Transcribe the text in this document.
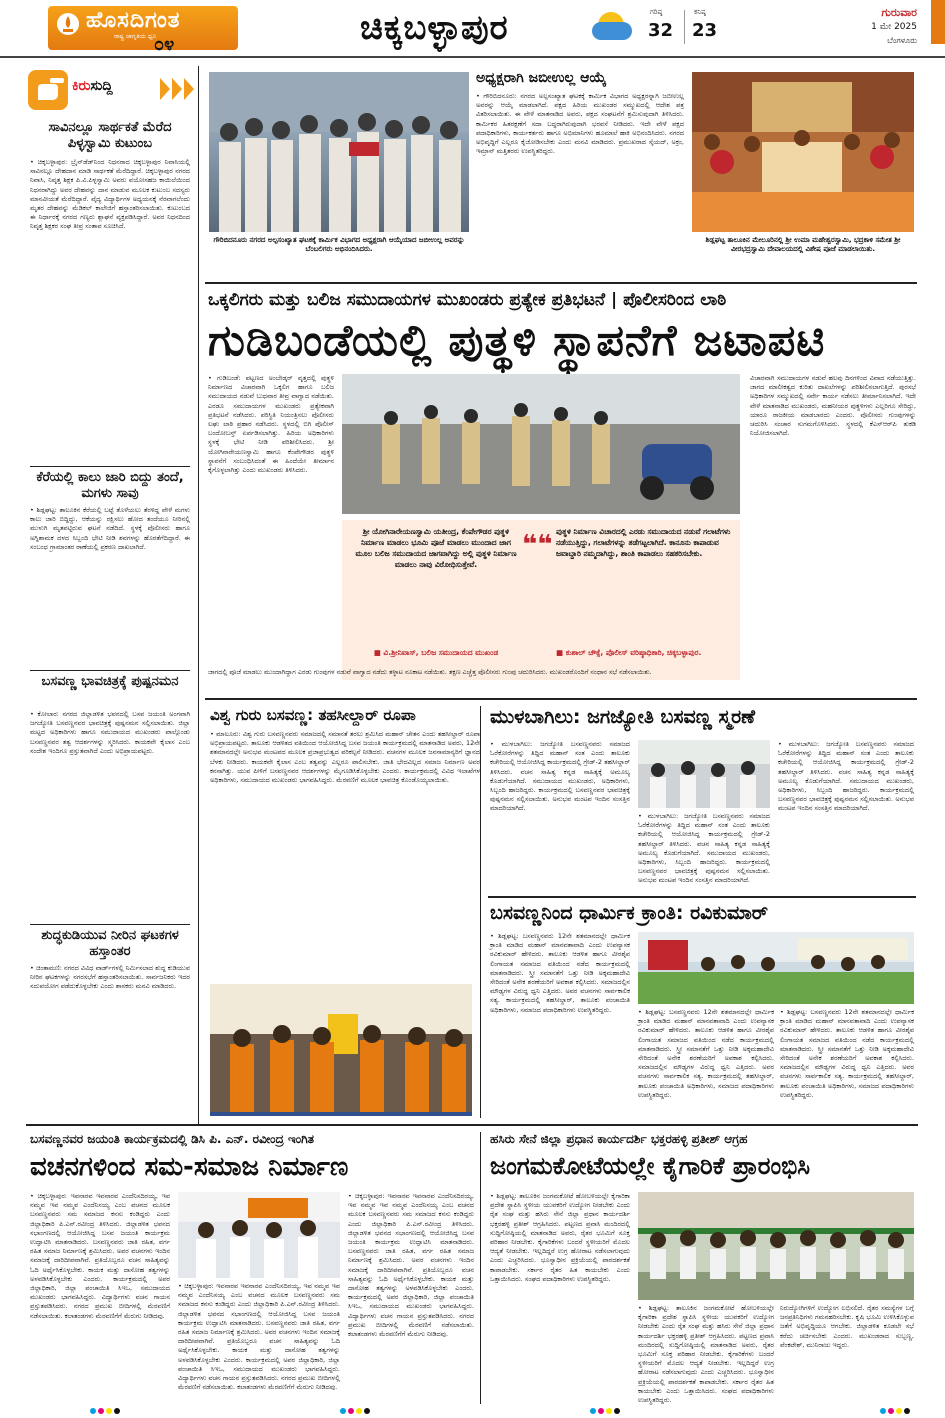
ಹೊಸದಿಗಂತ
ರಾಷ್ಟ್ರ ಜಾಗೃತಿಯ ಧ್ವನಿ
೦೪	ಚಿಕ್ಕಬಳ್ಳಾಪುರ	ಗರಿಷ್ಠ
32
ಕನಿಷ್ಠ
23
ಗುರುವಾರ
1 ಮೇ 2025
ಬೆಂಗಳೂರು
ಕಿರುಸುದ್ದಿ
ಸಾವಿನಲ್ಲೂ ಸಾರ್ಥಕತೆ ಮೆರೆದ ಪಿಳ್ಳಸ್ವಾಮಿ ಕುಟುಂಬ
• ಚಿಕ್ಕಬಳ್ಳಾಪುರ: ಬ್ರೈನ್‌ಡೆಡ್‌ನಿಂದ ನಿಧನರಾದ ಚಿಕ್ಕಬಳ್ಳಾಪುರ ನಿವಾಸಿಯಲ್ಲಿ ಸಾವಿನಲ್ಲೂ ದೇಹದಾನ ಮಾಡಿ ಸಾರ್ಥಕತೆ ಮೆರೆದಿದ್ದಾರೆ. ಚಿಕ್ಕಬಳ್ಳಾಪುರ ನಗರದ ನಿವಾಸಿ, ನಿವೃತ್ತ ಶಿಕ್ಷಕ ಪಿ.ವಿ.ಪಿಳ್ಳಸ್ವಾಮಿ ಅವರು ವಯೋಸಹಜ ಕಾಯಿಲೆಯಿಂದ ನಿಧನರಾಗಿದ್ದು ಅವರ ದೇಹವನ್ನು ದಾನ ಮಾಡುವ ಮೂಲಕ ಕುಟುಂಬ ಸದಸ್ಯರು ಮಾನವೀಯತೆ ಮೆರೆದಿದ್ದಾರೆ. ವೈದ್ಯ ವಿದ್ಯಾರ್ಥಿಗಳ ಅಧ್ಯಯನಕ್ಕೆ ನೆರವಾಗಲೆಂದು ಮೃತರ ದೇಹವನ್ನು ಮೆಡಿಕಲ್ ಕಾಲೇಜಿಗೆ ಹಸ್ತಾಂತರಿಸಲಾಯಿತು. ಕುಟುಂಬದ ಈ ನಿರ್ಧಾರಕ್ಕೆ ನಗರದ ಗಣ್ಯರು ಶ್ಲಾಘನೆ ವ್ಯಕ್ತಪಡಿಸಿದ್ದಾರೆ. ಅವರ ನಿಧನದಿಂದ ನಿವೃತ್ತ ಶಿಕ್ಷಕರ ಸಂಘ ತೀವ್ರ ಸಂತಾಪ ಸೂಚಿಸಿದೆ.
ಕೆರೆಯಲ್ಲಿ ಕಾಲು ಜಾರಿ ಬಿದ್ದು ತಂದೆ, ಮಗಳು ಸಾವು
• ಶಿಡ್ಲಘಟ್ಟ: ತಾಲೂಕಿನ ಕೆರೆಯಲ್ಲಿ ಬಟ್ಟೆ ತೊಳೆಯಲು ತೆರಳಿದ್ದ ವೇಳೆ ಮಗಳು ಕಾಲು ಜಾರಿ ಬಿದ್ದಿದ್ದು, ಆಕೆಯನ್ನು ರಕ್ಷಿಸಲು ಹೋದ ತಂದೆಯೂ ನೀರಿನಲ್ಲಿ ಮುಳುಗಿ ಮೃತಪಟ್ಟಿರುವ ಘಟನೆ ನಡೆದಿದೆ. ಸ್ಥಳಕ್ಕೆ ಪೊಲೀಸರು ಹಾಗೂ ಅಗ್ನಿಶಾಮಕ ದಳದ ಸಿಬ್ಬಂದಿ ಭೇಟಿ ನೀಡಿ ಶವಗಳನ್ನು ಹೊರತೆಗೆದಿದ್ದಾರೆ. ಈ ಸಂಬಂಧ ಗ್ರಾಮಾಂತರ ಠಾಣೆಯಲ್ಲಿ ಪ್ರಕರಣ ದಾಖಲಾಗಿದೆ.
ಬಸವಣ್ಣ ಭಾವಚಿತ್ರಕ್ಕೆ ಪುಷ್ಪನಮನ
• ಕೋಲಾರ: ನಗರದ ಜಿಲ್ಲಾಡಳಿತ ಭವನದಲ್ಲಿ ಬಸವ ಜಯಂತಿ ಅಂಗವಾಗಿ ಜಗಜ್ಯೋತಿ ಬಸವಣ್ಣನವರ ಭಾವಚಿತ್ರಕ್ಕೆ ಪುಷ್ಪನಮನ ಸಲ್ಲಿಸಲಾಯಿತು. ಜಿಲ್ಲಾ ಮಟ್ಟದ ಅಧಿಕಾರಿಗಳು ಹಾಗೂ ಸಮುದಾಯದ ಮುಖಂಡರು ಪಾಲ್ಗೊಂಡು ಬಸವಣ್ಣನವರ ತತ್ವ ಆದರ್ಶಗಳನ್ನು ಸ್ಮರಿಸಿದರು. ಕಾಯಕವೇ ಕೈಲಾಸ ಎಂಬ ಸಂದೇಶ ಇಂದಿಗೂ ಪ್ರಸ್ತುತವಾಗಿದೆ ಎಂದು ಅಭಿಪ್ರಾಯಪಟ್ಟರು.
ಶುದ್ಧಕುಡಿಯುವ ನೀರಿನ ಘಟಕಗಳ ಹಸ್ತಾಂತರ
• ಚಿಂತಾಮಣಿ: ನಗರದ ವಿವಿಧ ವಾರ್ಡ್‌ಗಳಲ್ಲಿ ನಿರ್ಮಿಸಲಾದ ಶುದ್ಧ ಕುಡಿಯುವ ನೀರಿನ ಘಟಕಗಳನ್ನು ನಗರಸಭೆಗೆ ಹಸ್ತಾಂತರಿಸಲಾಯಿತು. ಸಾರ್ವಜನಿಕರು ಇದರ ಸದುಪಯೋಗ ಪಡೆದುಕೊಳ್ಳಬೇಕು ಎಂದು ಶಾಸಕರು ಮನವಿ ಮಾಡಿದರು.
ಗೌರಿಬಿದನೂರು ನಗರದ ಅಲ್ಪಸಂಖ್ಯಾತ ಘಟಕಕ್ಕೆ ಕಾರ್ಮಿಕ ವಿಭಾಗದ ಅಧ್ಯಕ್ಷರಾಗಿ ಆಯ್ಕೆಯಾದ ಜಬೀಉಲ್ಲ ಅವರನ್ನು ಬೆಂಬಲಿಗರು ಅಭಿನಂದಿಸಿದರು.
ಅಧ್ಯಕ್ಷರಾಗಿ ಜಬೀಉಲ್ಲ ಆಯ್ಕೆ
• ಗೌರಿಬಿದನೂರು: ನಗರದ ಅಲ್ಪಸಂಖ್ಯಾತ ಘಟಕಕ್ಕೆ ಕಾರ್ಮಿಕ ವಿಭಾಗದ ಅಧ್ಯಕ್ಷರನ್ನಾಗಿ ಜಬೀಉಲ್ಲ ಅವರನ್ನು ಆಯ್ಕೆ ಮಾಡಲಾಗಿದೆ. ಪಕ್ಷದ ಹಿರಿಯ ಮುಖಂಡರ ಸಮ್ಮುಖದಲ್ಲಿ ಆದೇಶ ಪತ್ರ ವಿತರಿಸಲಾಯಿತು. ಈ ವೇಳೆ ಮಾತನಾಡಿದ ಅವರು, ಪಕ್ಷದ ಸಂಘಟನೆಗೆ ಶ್ರಮಿಸುವುದಾಗಿ ತಿಳಿಸಿದರು. ಕಾರ್ಮಿಕರ ಹಿತರಕ್ಷಣೆಗೆ ಸದಾ ಬದ್ಧರಾಗಿರುವುದಾಗಿ ಭರವಸೆ ನೀಡಿದರು. ಇದೇ ವೇಳೆ ಪಕ್ಷದ ಪದಾಧಿಕಾರಿಗಳು, ಕಾರ್ಯಕರ್ತರು ಹಾಗೂ ಅಭಿಮಾನಿಗಳು ಹೂಮಾಲೆ ಹಾಕಿ ಅಭಿನಂದಿಸಿದರು. ನಗರದ ಅಭಿವೃದ್ಧಿಗೆ ಎಲ್ಲರೂ ಕೈಜೋಡಿಸಬೇಕು ಎಂದು ಮನವಿ ಮಾಡಿದರು. ಪ್ರಮುಖರಾದ ಸೈಯದ್, ಅಕ್ರಂ, ಇಮ್ರಾನ್ ಮತ್ತಿತರರು ಉಪಸ್ಥಿತರಿದ್ದರು.
ಶಿಡ್ಲಘಟ್ಟ ತಾಲೂಕಿನ ಮೇಲೂರಿನಲ್ಲಿ ಶ್ರೀ ಉಮಾ ಮಹೇಶ್ವರಸ್ವಾಮಿ, ಭದ್ರಕಾಳಿ ಸಮೇತ ಶ್ರೀ ವೀರಭದ್ರಸ್ವಾಮಿ ದೇವಾಲಯದಲ್ಲಿ ವಿಶೇಷ ಪೂಜೆ ಮಾಡಲಾಯಿತು.
ಒಕ್ಕಲಿಗರು ಮತ್ತು ಬಲಿಜ ಸಮುದಾಯಗಳ ಮುಖಂಡರು ಪ್ರತ್ಯೇಕ ಪ್ರತಿಭಟನೆ | ಪೊಲೀಸರಿಂದ ಲಾಠಿ
ಗುಡಿಬಂಡೆಯಲ್ಲಿ ಪುತ್ಥಳಿ ಸ್ಥಾಪನೆಗೆ ಜಟಾಪಟಿ
• ಗುಡಿಬಂಡೆ: ಪಟ್ಟಣದ ಅಂಬೇಡ್ಕರ್ ವೃತ್ತದಲ್ಲಿ ಪುತ್ಥಳಿ ನಿರ್ಮಾಣದ ವಿಚಾರವಾಗಿ ಒಕ್ಕಲಿಗ ಹಾಗೂ ಬಲಿಜ ಸಮುದಾಯದ ನಡುವೆ ಬುಧವಾರ ತೀವ್ರ ವಾಗ್ವಾದ ನಡೆಯಿತು. ಎರಡೂ ಸಮುದಾಯಗಳ ಮುಖಂಡರು ಪ್ರತ್ಯೇಕವಾಗಿ ಪ್ರತಿಭಟನೆ ನಡೆಸಿದರು. ಪರಿಸ್ಥಿತಿ ನಿಯಂತ್ರಿಸಲು ಪೊಲೀಸರು ಲಘು ಲಾಠಿ ಪ್ರಹಾರ ನಡೆಸಿದರು. ಸ್ಥಳದಲ್ಲಿ ಬಿಗಿ ಪೊಲೀಸ್ ಬಂದೋಬಸ್ತ್ ಏರ್ಪಡಿಸಲಾಗಿತ್ತು. ಹಿರಿಯ ಅಧಿಕಾರಿಗಳು ಸ್ಥಳಕ್ಕೆ ಭೇಟಿ ನೀಡಿ ಪರಿಶೀಲಿಸಿದರು. ಶ್ರೀ ಯೋಗಿನಾರೇಯಣಸ್ವಾಮಿ ಹಾಗೂ ಕೆಂಪೇಗೌಡರ ಪುತ್ಥಳಿ ಸ್ಥಾಪನೆಗೆ ಸಂಬಂಧಿಸಿದಂತೆ ಈ ಹಿಂದೆಯೇ ತೀರ್ಮಾನ ಕೈಗೊಳ್ಳಲಾಗಿತ್ತು ಎಂದು ಮುಖಂಡರು ತಿಳಿಸಿದರು.
❝❝
ಶ್ರೀ ಯೋಗಿನಾರೇಯಣಸ್ವಾಮಿ ಯತೀಂದ್ರ, ಕೆಂಪೇಗೌಡರ ಪುತ್ಥಳಿ ನಿರ್ಮಾಣ ಮಾಡಲು ಭೂಮಿ ಪೂಜೆ ಮಾಡಲು ಮುಂದಾದ ಜಾಗ ಮೂಲ ಬಲಿಜ ಸಮುದಾಯದ ಜಾಗವಾಗಿದ್ದು ಅಲ್ಲಿ ಪುತ್ಥಳಿ ನಿರ್ಮಾಣ ಮಾಡಲು ನಾವು ವಿರೋಧಿಸುತ್ತೇವೆ.
■ ವಿ.ಶ್ರೀನಿವಾಸ್, ಬಲಿಜ ಸಮುದಾಯದ ಮುಖಂಡ
ಪುತ್ಥಳಿ ನಿರ್ಮಾಣ ವಿಚಾರದಲ್ಲಿ ಎರಡು ಸಮುದಾಯದ ನಡುವೆ ಗಲಾಟೆಗಳು ನಡೆಯುತ್ತಿದ್ದು, ಗಲಾಟೆಗಳನ್ನು ತಡೆಗಟ್ಟಲಾಗಿದೆ. ಕಾನೂನು ಕಾಪಾಡುವ ಜವಾಬ್ದಾರಿ ನಮ್ಮದಾಗಿದ್ದು, ಶಾಂತಿ ಕಾಪಾಡಲು ಸಹಕರಿಸಬೇಕು.
■ ಕುಶಾಲ್ ಚೌಕ್ಸೆ, ಪೊಲೀಸ್ ವರಿಷ್ಠಾಧಿಕಾರಿ, ಚಿಕ್ಕಬಳ್ಳಾಪುರ.
ಜಾಗದಲ್ಲಿ ಪೂಜೆ ಮಾಡಲು ಮುಂದಾಗಿದ್ದಾಗ ಎರಡು ಗುಂಪುಗಳ ನಡುವೆ ವಾಗ್ವಾದ ನಡೆದು ತಳ್ಳಾಟ ನೂಕಾಟ ನಡೆಯಿತು. ತಕ್ಷಣ ಎಚ್ಚೆತ್ತ ಪೊಲೀಸರು ಗುಂಪು ಚದುರಿಸಿದರು. ಮುಖಂಡರೊಂದಿಗೆ ಸಂಧಾನ ಸಭೆ ನಡೆಸಲಾಯಿತು.
ವಿಚಾರವಾಗಿ ಸಮುದಾಯಗಳ ನಡುವೆ ಹಲವು ದಿನಗಳಿಂದ ವಿವಾದ ನಡೆಯುತ್ತಿತ್ತು. ಜಾಗದ ಮಾಲೀಕತ್ವದ ಕುರಿತು ದಾಖಲೆಗಳನ್ನು ಪರಿಶೀಲಿಸಲಾಗುತ್ತಿದೆ. ಪುರಸಭೆ ಅಧಿಕಾರಿಗಳ ಸಮ್ಮುಖದಲ್ಲಿ ಸರ್ವೇ ಕಾರ್ಯ ನಡೆಸಲು ತೀರ್ಮಾನಿಸಲಾಗಿದೆ. ಇದೇ ವೇಳೆ ಮಾತನಾಡಿದ ಮುಖಂಡರು, ಮಹನೀಯರ ಪುತ್ಥಳಿಗಳು ಎಲ್ಲರಿಗೂ ಸೇರಿದ್ದು, ಯಾರೂ ರಾಜಕೀಯ ಮಾಡಬಾರದು ಎಂದರು. ಪೊಲೀಸರು ಗುಂಪುಗಳನ್ನು ಚದುರಿಸಿ ಸಂಚಾರ ಸುಗಮಗೊಳಿಸಿದರು. ಸ್ಥಳದಲ್ಲಿ ಕೆಎಸ್‌ಆರ್‌ಪಿ ತುಕಡಿ ನಿಯೋಜಿಸಲಾಗಿದೆ.
ವಿಶ್ವ ಗುರು ಬಸವಣ್ಣ: ತಹಸೀಲ್ದಾರ್ ರೂಪಾ
• ಮಾಲೂರು: ವಿಶ್ವ ಗುರು ಬಸವಣ್ಣನವರು ಸಮಾಜದಲ್ಲಿ ಸಮಾನತೆ ತರಲು ಶ್ರಮಿಸಿದ ಮಹಾನ್ ಚೇತನ ಎಂದು ತಹಸೀಲ್ದಾರ್ ರೂಪಾ ಅಭಿಪ್ರಾಯಪಟ್ಟರು. ತಾಲೂಕು ಆಡಳಿತದ ವತಿಯಿಂದ ಆಯೋಜಿಸಿದ್ದ ಬಸವ ಜಯಂತಿ ಕಾರ್ಯಕ್ರಮದಲ್ಲಿ ಮಾತನಾಡಿದ ಅವರು, 12ನೇ ಶತಮಾನದಲ್ಲೇ ಅನುಭವ ಮಂಟಪದ ಮೂಲಕ ಪ್ರಜಾಪ್ರಭುತ್ವದ ಪರಿಕಲ್ಪನೆ ನೀಡಿದರು. ವಚನಗಳ ಮೂಲಕ ಜನಸಾಮಾನ್ಯರಿಗೆ ಜ್ಞಾನದ ಬೆಳಕು ನೀಡಿದರು. ಕಾಯಕವೇ ಕೈಲಾಸ ಎಂಬ ತತ್ವವನ್ನು ಎಲ್ಲರೂ ಪಾಲಿಸಬೇಕು. ಜಾತಿ ಭೇದವಿಲ್ಲದ ಸಮಾಜ ನಿರ್ಮಾಣ ಅವರ ಕನಸಾಗಿತ್ತು. ಯುವ ಪೀಳಿಗೆ ಬಸವಣ್ಣನವರ ಆದರ್ಶಗಳನ್ನು ಮೈಗೂಡಿಸಿಕೊಳ್ಳಬೇಕು ಎಂದರು. ಕಾರ್ಯಕ್ರಮದಲ್ಲಿ ವಿವಿಧ ಇಲಾಖೆಗಳ ಅಧಿಕಾರಿಗಳು, ಸಮುದಾಯದ ಮುಖಂಡರು ಭಾಗವಹಿಸಿದ್ದರು. ಮೆರವಣಿಗೆ ಮೂಲಕ ಭಾವಚಿತ್ರ ಕೊಂಡೊಯ್ಯಲಾಯಿತು.
ಮುಳಬಾಗಿಲು: ಜಗಜ್ಯೋತಿ ಬಸವಣ್ಣ ಸ್ಮರಣೆ
• ಮುಳಬಾಗಿಲು: ಜಗಜ್ಯೋತಿ ಬಸವಣ್ಣನವರು ಸಮಾಜದ ಓರೆಕೋರೆಗಳನ್ನು ತಿದ್ದಿದ ಮಹಾನ್ ಸಂತ ಎಂದು ತಾಲೂಕು ಕಚೇರಿಯಲ್ಲಿ ಆಯೋಜಿಸಿದ್ದ ಕಾರ್ಯಕ್ರಮದಲ್ಲಿ ಗ್ರೇಡ್-2 ತಹಸೀಲ್ದಾರ್ ತಿಳಿಸಿದರು. ವಚನ ಸಾಹಿತ್ಯ ಕನ್ನಡ ಸಾಹಿತ್ಯಕ್ಕೆ ಅಮೂಲ್ಯ ಕೊಡುಗೆಯಾಗಿದೆ. ಸಮುದಾಯದ ಮುಖಂಡರು, ಅಧಿಕಾರಿಗಳು, ಸಿಬ್ಬಂದಿ ಹಾಜರಿದ್ದರು. ಕಾರ್ಯಕ್ರಮದಲ್ಲಿ ಬಸವಣ್ಣನವರ ಭಾವಚಿತ್ರಕ್ಕೆ ಪುಷ್ಪನಮನ ಸಲ್ಲಿಸಲಾಯಿತು. ಅನುಭವ ಮಂಟಪ ಇಂದಿನ ಸಂಸತ್ತಿನ ಮಾದರಿಯಾಗಿದೆ.
• ಮುಳಬಾಗಿಲು: ಜಗಜ್ಯೋತಿ ಬಸವಣ್ಣನವರು ಸಮಾಜದ ಓರೆಕೋರೆಗಳನ್ನು ತಿದ್ದಿದ ಮಹಾನ್ ಸಂತ ಎಂದು ತಾಲೂಕು ಕಚೇರಿಯಲ್ಲಿ ಆಯೋಜಿಸಿದ್ದ ಕಾರ್ಯಕ್ರಮದಲ್ಲಿ ಗ್ರೇಡ್-2 ತಹಸೀಲ್ದಾರ್ ತಿಳಿಸಿದರು. ವಚನ ಸಾಹಿತ್ಯ ಕನ್ನಡ ಸಾಹಿತ್ಯಕ್ಕೆ ಅಮೂಲ್ಯ ಕೊಡುಗೆಯಾಗಿದೆ. ಸಮುದಾಯದ ಮುಖಂಡರು, ಅಧಿಕಾರಿಗಳು, ಸಿಬ್ಬಂದಿ ಹಾಜರಿದ್ದರು. ಕಾರ್ಯಕ್ರಮದಲ್ಲಿ ಬಸವಣ್ಣನವರ ಭಾವಚಿತ್ರಕ್ಕೆ ಪುಷ್ಪನಮನ ಸಲ್ಲಿಸಲಾಯಿತು. ಅನುಭವ ಮಂಟಪ ಇಂದಿನ ಸಂಸತ್ತಿನ ಮಾದರಿಯಾಗಿದೆ.
• ಮುಳಬಾಗಿಲು: ಜಗಜ್ಯೋತಿ ಬಸವಣ್ಣನವರು ಸಮಾಜದ ಓರೆಕೋರೆಗಳನ್ನು ತಿದ್ದಿದ ಮಹಾನ್ ಸಂತ ಎಂದು ತಾಲೂಕು ಕಚೇರಿಯಲ್ಲಿ ಆಯೋಜಿಸಿದ್ದ ಕಾರ್ಯಕ್ರಮದಲ್ಲಿ ಗ್ರೇಡ್-2 ತಹಸೀಲ್ದಾರ್ ತಿಳಿಸಿದರು. ವಚನ ಸಾಹಿತ್ಯ ಕನ್ನಡ ಸಾಹಿತ್ಯಕ್ಕೆ ಅಮೂಲ್ಯ ಕೊಡುಗೆಯಾಗಿದೆ. ಸಮುದಾಯದ ಮುಖಂಡರು, ಅಧಿಕಾರಿಗಳು, ಸಿಬ್ಬಂದಿ ಹಾಜರಿದ್ದರು. ಕಾರ್ಯಕ್ರಮದಲ್ಲಿ ಬಸವಣ್ಣನವರ ಭಾವಚಿತ್ರಕ್ಕೆ ಪುಷ್ಪನಮನ ಸಲ್ಲಿಸಲಾಯಿತು. ಅನುಭವ ಮಂಟಪ ಇಂದಿನ ಸಂಸತ್ತಿನ ಮಾದರಿಯಾಗಿದೆ.
ಬಸವಣ್ಣನಿಂದ ಧಾರ್ಮಿಕ ಕ್ರಾಂತಿ: ರವಿಕುಮಾರ್
• ಶಿಡ್ಲಘಟ್ಟ: ಬಸವಣ್ಣನವರು 12ನೇ ಶತಮಾನದಲ್ಲೇ ಧಾರ್ಮಿಕ ಕ್ರಾಂತಿ ಮಾಡಿದ ಮಹಾನ್ ಮಾನವತಾವಾದಿ ಎಂದು ಉಪನ್ಯಾಸಕ ರವಿಕುಮಾರ್ ಹೇಳಿದರು. ತಾಲೂಕು ಆಡಳಿತ ಹಾಗೂ ವೀರಶೈವ ಲಿಂಗಾಯತ ಸಮಾಜದ ವತಿಯಿಂದ ನಡೆದ ಕಾರ್ಯಕ್ರಮದಲ್ಲಿ ಮಾತನಾಡಿದರು. ಸ್ತ್ರೀ ಸಮಾನತೆಗೆ ಒತ್ತು ನೀಡಿ ಅಕ್ಕಮಹಾದೇವಿ ಸೇರಿದಂತೆ ಅನೇಕ ಶರಣೆಯರಿಗೆ ಅವಕಾಶ ಕಲ್ಪಿಸಿದರು. ಸಮಾಜದಲ್ಲಿನ ಮೌಢ್ಯಗಳ ವಿರುದ್ಧ ಧ್ವನಿ ಎತ್ತಿದರು. ಅವರ ವಚನಗಳು ಸಾರ್ವಕಾಲಿಕ ಸತ್ಯ. ಕಾರ್ಯಕ್ರಮದಲ್ಲಿ ತಹಸೀಲ್ದಾರ್, ತಾಲೂಕು ಪಂಚಾಯಿತಿ ಅಧಿಕಾರಿಗಳು, ಸಮಾಜದ ಪದಾಧಿಕಾರಿಗಳು ಉಪಸ್ಥಿತರಿದ್ದರು.	• ಶಿಡ್ಲಘಟ್ಟ: ಬಸವಣ್ಣನವರು 12ನೇ ಶತಮಾನದಲ್ಲೇ ಧಾರ್ಮಿಕ ಕ್ರಾಂತಿ ಮಾಡಿದ ಮಹಾನ್ ಮಾನವತಾವಾದಿ ಎಂದು ಉಪನ್ಯಾಸಕ ರವಿಕುಮಾರ್ ಹೇಳಿದರು. ತಾಲೂಕು ಆಡಳಿತ ಹಾಗೂ ವೀರಶೈವ ಲಿಂಗಾಯತ ಸಮಾಜದ ವತಿಯಿಂದ ನಡೆದ ಕಾರ್ಯಕ್ರಮದಲ್ಲಿ ಮಾತನಾಡಿದರು. ಸ್ತ್ರೀ ಸಮಾನತೆಗೆ ಒತ್ತು ನೀಡಿ ಅಕ್ಕಮಹಾದೇವಿ ಸೇರಿದಂತೆ ಅನೇಕ ಶರಣೆಯರಿಗೆ ಅವಕಾಶ ಕಲ್ಪಿಸಿದರು. ಸಮಾಜದಲ್ಲಿನ ಮೌಢ್ಯಗಳ ವಿರುದ್ಧ ಧ್ವನಿ ಎತ್ತಿದರು. ಅವರ ವಚನಗಳು ಸಾರ್ವಕಾಲಿಕ ಸತ್ಯ. ಕಾರ್ಯಕ್ರಮದಲ್ಲಿ ತಹಸೀಲ್ದಾರ್, ತಾಲೂಕು ಪಂಚಾಯಿತಿ ಅಧಿಕಾರಿಗಳು, ಸಮಾಜದ ಪದಾಧಿಕಾರಿಗಳು ಉಪಸ್ಥಿತರಿದ್ದರು.
• ಶಿಡ್ಲಘಟ್ಟ: ಬಸವಣ್ಣನವರು 12ನೇ ಶತಮಾನದಲ್ಲೇ ಧಾರ್ಮಿಕ ಕ್ರಾಂತಿ ಮಾಡಿದ ಮಹಾನ್ ಮಾನವತಾವಾದಿ ಎಂದು ಉಪನ್ಯಾಸಕ ರವಿಕುಮಾರ್ ಹೇಳಿದರು. ತಾಲೂಕು ಆಡಳಿತ ಹಾಗೂ ವೀರಶೈವ ಲಿಂಗಾಯತ ಸಮಾಜದ ವತಿಯಿಂದ ನಡೆದ ಕಾರ್ಯಕ್ರಮದಲ್ಲಿ ಮಾತನಾಡಿದರು. ಸ್ತ್ರೀ ಸಮಾನತೆಗೆ ಒತ್ತು ನೀಡಿ ಅಕ್ಕಮಹಾದೇವಿ ಸೇರಿದಂತೆ ಅನೇಕ ಶರಣೆಯರಿಗೆ ಅವಕಾಶ ಕಲ್ಪಿಸಿದರು. ಸಮಾಜದಲ್ಲಿನ ಮೌಢ್ಯಗಳ ವಿರುದ್ಧ ಧ್ವನಿ ಎತ್ತಿದರು. ಅವರ ವಚನಗಳು ಸಾರ್ವಕಾಲಿಕ ಸತ್ಯ. ಕಾರ್ಯಕ್ರಮದಲ್ಲಿ ತಹಸೀಲ್ದಾರ್, ತಾಲೂಕು ಪಂಚಾಯಿತಿ ಅಧಿಕಾರಿಗಳು, ಸಮಾಜದ ಪದಾಧಿಕಾರಿಗಳು ಉಪಸ್ಥಿತರಿದ್ದರು.
ಬಸವಣ್ಣನವರ ಜಯಂತಿ ಕಾರ್ಯಕ್ರಮದಲ್ಲಿ ಡಿಸಿ ಪಿ. ಎನ್. ರವೀಂದ್ರ ಇಂಗಿತ
ವಚನಗಳಿಂದ ಸಮ-ಸಮಾಜ ನಿರ್ಮಾಣ
• ಚಿಕ್ಕಬಳ್ಳಾಪುರ: ಇವನಾರವ ಇವನಾರವ ಎಂದೆನಿಸದಿರಯ್ಯ, ಇವ ನಮ್ಮವ ಇವ ನಮ್ಮವ ಎಂದೆನಿಸಯ್ಯ ಎಂಬ ವಚನದ ಮೂಲಕ ಬಸವಣ್ಣನವರು ಸಮ ಸಮಾಜದ ಕನಸು ಕಂಡಿದ್ದರು ಎಂದು ಜಿಲ್ಲಾಧಿಕಾರಿ ಪಿ.ಎನ್.ರವೀಂದ್ರ ತಿಳಿಸಿದರು. ಜಿಲ್ಲಾಡಳಿತ ಭವನದ ಸಭಾಂಗಣದಲ್ಲಿ ಆಯೋಜಿಸಿದ್ದ ಬಸವ ಜಯಂತಿ ಕಾರ್ಯಕ್ರಮ ಉದ್ಘಾಟಿಸಿ ಮಾತನಾಡಿದರು. ಬಸವಣ್ಣನವರು ಜಾತಿ ರಹಿತ, ವರ್ಗ ರಹಿತ ಸಮಾಜ ನಿರ್ಮಾಣಕ್ಕೆ ಶ್ರಮಿಸಿದರು. ಅವರ ವಚನಗಳು ಇಂದಿನ ಸಮಾಜಕ್ಕೆ ದಾರಿದೀಪವಾಗಿವೆ. ಪ್ರತಿಯೊಬ್ಬರೂ ವಚನ ಸಾಹಿತ್ಯವನ್ನು ಓದಿ ಅರ್ಥೈಸಿಕೊಳ್ಳಬೇಕು. ಕಾಯಕ ಮತ್ತು ದಾಸೋಹ ತತ್ವಗಳನ್ನು ಅಳವಡಿಸಿಕೊಳ್ಳಬೇಕು ಎಂದರು. ಕಾರ್ಯಕ್ರಮದಲ್ಲಿ ಅಪರ ಜಿಲ್ಲಾಧಿಕಾರಿ, ಜಿಲ್ಲಾ ಪಂಚಾಯಿತಿ ಸಿಇಒ, ಸಮುದಾಯದ ಮುಖಂಡರು ಭಾಗವಹಿಸಿದ್ದರು. ವಿದ್ಯಾರ್ಥಿಗಳು ವಚನ ಗಾಯನ ಪ್ರಸ್ತುತಪಡಿಸಿದರು. ನಗರದ ಪ್ರಮುಖ ಬೀದಿಗಳಲ್ಲಿ ಮೆರವಣಿಗೆ ನಡೆಸಲಾಯಿತು. ಕಲಾತಂಡಗಳು ಮೆರವಣಿಗೆಗೆ ಮೆರುಗು ನೀಡಿದವು.
• ಚಿಕ್ಕಬಳ್ಳಾಪುರ: ಇವನಾರವ ಇವನಾರವ ಎಂದೆನಿಸದಿರಯ್ಯ, ಇವ ನಮ್ಮವ ಇವ ನಮ್ಮವ ಎಂದೆನಿಸಯ್ಯ ಎಂಬ ವಚನದ ಮೂಲಕ ಬಸವಣ್ಣನವರು ಸಮ ಸಮಾಜದ ಕನಸು ಕಂಡಿದ್ದರು ಎಂದು ಜಿಲ್ಲಾಧಿಕಾರಿ ಪಿ.ಎನ್.ರವೀಂದ್ರ ತಿಳಿಸಿದರು. ಜಿಲ್ಲಾಡಳಿತ ಭವನದ ಸಭಾಂಗಣದಲ್ಲಿ ಆಯೋಜಿಸಿದ್ದ ಬಸವ ಜಯಂತಿ ಕಾರ್ಯಕ್ರಮ ಉದ್ಘಾಟಿಸಿ ಮಾತನಾಡಿದರು. ಬಸವಣ್ಣನವರು ಜಾತಿ ರಹಿತ, ವರ್ಗ ರಹಿತ ಸಮಾಜ ನಿರ್ಮಾಣಕ್ಕೆ ಶ್ರಮಿಸಿದರು. ಅವರ ವಚನಗಳು ಇಂದಿನ ಸಮಾಜಕ್ಕೆ ದಾರಿದೀಪವಾಗಿವೆ. ಪ್ರತಿಯೊಬ್ಬರೂ ವಚನ ಸಾಹಿತ್ಯವನ್ನು ಓದಿ ಅರ್ಥೈಸಿಕೊಳ್ಳಬೇಕು. ಕಾಯಕ ಮತ್ತು ದಾಸೋಹ ತತ್ವಗಳನ್ನು ಅಳವಡಿಸಿಕೊಳ್ಳಬೇಕು ಎಂದರು. ಕಾರ್ಯಕ್ರಮದಲ್ಲಿ ಅಪರ ಜಿಲ್ಲಾಧಿಕಾರಿ, ಜಿಲ್ಲಾ ಪಂಚಾಯಿತಿ ಸಿಇಒ, ಸಮುದಾಯದ ಮುಖಂಡರು ಭಾಗವಹಿಸಿದ್ದರು. ವಿದ್ಯಾರ್ಥಿಗಳು ವಚನ ಗಾಯನ ಪ್ರಸ್ತುತಪಡಿಸಿದರು. ನಗರದ ಪ್ರಮುಖ ಬೀದಿಗಳಲ್ಲಿ ಮೆರವಣಿಗೆ ನಡೆಸಲಾಯಿತು. ಕಲಾತಂಡಗಳು ಮೆರವಣಿಗೆಗೆ ಮೆರುಗು ನೀಡಿದವು.
• ಚಿಕ್ಕಬಳ್ಳಾಪುರ: ಇವನಾರವ ಇವನಾರವ ಎಂದೆನಿಸದಿರಯ್ಯ, ಇವ ನಮ್ಮವ ಇವ ನಮ್ಮವ ಎಂದೆನಿಸಯ್ಯ ಎಂಬ ವಚನದ ಮೂಲಕ ಬಸವಣ್ಣನವರು ಸಮ ಸಮಾಜದ ಕನಸು ಕಂಡಿದ್ದರು ಎಂದು ಜಿಲ್ಲಾಧಿಕಾರಿ ಪಿ.ಎನ್.ರವೀಂದ್ರ ತಿಳಿಸಿದರು. ಜಿಲ್ಲಾಡಳಿತ ಭವನದ ಸಭಾಂಗಣದಲ್ಲಿ ಆಯೋಜಿಸಿದ್ದ ಬಸವ ಜಯಂತಿ ಕಾರ್ಯಕ್ರಮ ಉದ್ಘಾಟಿಸಿ ಮಾತನಾಡಿದರು. ಬಸವಣ್ಣನವರು ಜಾತಿ ರಹಿತ, ವರ್ಗ ರಹಿತ ಸಮಾಜ ನಿರ್ಮಾಣಕ್ಕೆ ಶ್ರಮಿಸಿದರು. ಅವರ ವಚನಗಳು ಇಂದಿನ ಸಮಾಜಕ್ಕೆ ದಾರಿದೀಪವಾಗಿವೆ. ಪ್ರತಿಯೊಬ್ಬರೂ ವಚನ ಸಾಹಿತ್ಯವನ್ನು ಓದಿ ಅರ್ಥೈಸಿಕೊಳ್ಳಬೇಕು. ಕಾಯಕ ಮತ್ತು ದಾಸೋಹ ತತ್ವಗಳನ್ನು ಅಳವಡಿಸಿಕೊಳ್ಳಬೇಕು ಎಂದರು. ಕಾರ್ಯಕ್ರಮದಲ್ಲಿ ಅಪರ ಜಿಲ್ಲಾಧಿಕಾರಿ, ಜಿಲ್ಲಾ ಪಂಚಾಯಿತಿ ಸಿಇಒ, ಸಮುದಾಯದ ಮುಖಂಡರು ಭಾಗವಹಿಸಿದ್ದರು. ವಿದ್ಯಾರ್ಥಿಗಳು ವಚನ ಗಾಯನ ಪ್ರಸ್ತುತಪಡಿಸಿದರು. ನಗರದ ಪ್ರಮುಖ ಬೀದಿಗಳಲ್ಲಿ ಮೆರವಣಿಗೆ ನಡೆಸಲಾಯಿತು. ಕಲಾತಂಡಗಳು ಮೆರವಣಿಗೆಗೆ ಮೆರುಗು ನೀಡಿದವು.
ಹಸಿರು ಸೇನೆ ಜಿಲ್ಲಾ ಪ್ರಧಾನ ಕಾರ್ಯದರ್ಶಿ ಭಕ್ತರಹಳ್ಳಿ ಪ್ರತೀಶ್ ಆಗ್ರಹ
ಜಂಗಮಕೋಟೆಯಲ್ಲೇ ಕೈಗಾರಿಕೆ ಪ್ರಾರಂಭಿಸಿ
• ಶಿಡ್ಲಘಟ್ಟ: ತಾಲೂಕಿನ ಜಂಗಮಕೋಟೆ ಹೋಬಳಿಯಲ್ಲೇ ಕೈಗಾರಿಕಾ ಪ್ರದೇಶ ಸ್ಥಾಪಿಸಿ ಸ್ಥಳೀಯ ಯುವಕರಿಗೆ ಉದ್ಯೋಗ ನೀಡಬೇಕು ಎಂದು ರೈತ ಸಂಘ ಮತ್ತು ಹಸಿರು ಸೇನೆ ಜಿಲ್ಲಾ ಪ್ರಧಾನ ಕಾರ್ಯದರ್ಶಿ ಭಕ್ತರಹಳ್ಳಿ ಪ್ರತೀಶ್ ಆಗ್ರಹಿಸಿದರು. ಪಟ್ಟಣದ ಪ್ರವಾಸಿ ಮಂದಿರದಲ್ಲಿ ಸುದ್ದಿಗೋಷ್ಠಿಯಲ್ಲಿ ಮಾತನಾಡಿದ ಅವರು, ರೈತರ ಭೂಮಿಗೆ ಸೂಕ್ತ ಪರಿಹಾರ ನೀಡಬೇಕು. ಕೈಗಾರಿಕೆಗಳು ಬಂದರೆ ಸ್ಥಳೀಯರಿಗೆ ಮೊದಲ ಆದ್ಯತೆ ನೀಡಬೇಕು. ಇಲ್ಲದಿದ್ದರೆ ಉಗ್ರ ಹೋರಾಟ ನಡೆಸಲಾಗುವುದು ಎಂದು ಎಚ್ಚರಿಸಿದರು. ಭೂಸ್ವಾಧೀನ ಪ್ರಕ್ರಿಯೆಯಲ್ಲಿ ಪಾರದರ್ಶಕತೆ ಕಾಪಾಡಬೇಕು. ಸರ್ಕಾರ ರೈತರ ಹಿತ ಕಾಯಬೇಕು ಎಂದು ಒತ್ತಾಯಿಸಿದರು. ಸಂಘದ ಪದಾಧಿಕಾರಿಗಳು ಉಪಸ್ಥಿತರಿದ್ದರು.
• ಶಿಡ್ಲಘಟ್ಟ: ತಾಲೂಕಿನ ಜಂಗಮಕೋಟೆ ಹೋಬಳಿಯಲ್ಲೇ ಕೈಗಾರಿಕಾ ಪ್ರದೇಶ ಸ್ಥಾಪಿಸಿ ಸ್ಥಳೀಯ ಯುವಕರಿಗೆ ಉದ್ಯೋಗ ನೀಡಬೇಕು ಎಂದು ರೈತ ಸಂಘ ಮತ್ತು ಹಸಿರು ಸೇನೆ ಜಿಲ್ಲಾ ಪ್ರಧಾನ ಕಾರ್ಯದರ್ಶಿ ಭಕ್ತರಹಳ್ಳಿ ಪ್ರತೀಶ್ ಆಗ್ರಹಿಸಿದರು. ಪಟ್ಟಣದ ಪ್ರವಾಸಿ ಮಂದಿರದಲ್ಲಿ ಸುದ್ದಿಗೋಷ್ಠಿಯಲ್ಲಿ ಮಾತನಾಡಿದ ಅವರು, ರೈತರ ಭೂಮಿಗೆ ಸೂಕ್ತ ಪರಿಹಾರ ನೀಡಬೇಕು. ಕೈಗಾರಿಕೆಗಳು ಬಂದರೆ ಸ್ಥಳೀಯರಿಗೆ ಮೊದಲ ಆದ್ಯತೆ ನೀಡಬೇಕು. ಇಲ್ಲದಿದ್ದರೆ ಉಗ್ರ ಹೋರಾಟ ನಡೆಸಲಾಗುವುದು ಎಂದು ಎಚ್ಚರಿಸಿದರು. ಭೂಸ್ವಾಧೀನ ಪ್ರಕ್ರಿಯೆಯಲ್ಲಿ ಪಾರದರ್ಶಕತೆ ಕಾಪಾಡಬೇಕು. ಸರ್ಕಾರ ರೈತರ ಹಿತ ಕಾಯಬೇಕು ಎಂದು ಒತ್ತಾಯಿಸಿದರು. ಸಂಘದ ಪದಾಧಿಕಾರಿಗಳು ಉಪಸ್ಥಿತರಿದ್ದರು.
ನಿರುದ್ಯೋಗಿಗಳಿಗೆ ಉದ್ಯೋಗ ಲಭಿಸಲಿದೆ. ರೈತರ ಸಮಸ್ಯೆಗಳ ಬಗ್ಗೆ ಜನಪ್ರತಿನಿಧಿಗಳು ಗಮನಹರಿಸಬೇಕು. ಕೃಷಿ ಭೂಮಿ ಉಳಿಸಿಕೊಳ್ಳುವ ಜತೆಗೆ ಅಭಿವೃದ್ಧಿಯೂ ಆಗಬೇಕು. ಜಿಲ್ಲಾಡಳಿತ ಕೂಡಲೇ ಸಭೆ ಕರೆದು ಚರ್ಚಿಸಬೇಕು ಎಂದರು. ಮುಖಂಡರಾದ ಸುಬ್ಬಣ್ಣ, ವೆಂಕಟೇಶ್, ಮುನಿರಾಜು ಇದ್ದರು.
